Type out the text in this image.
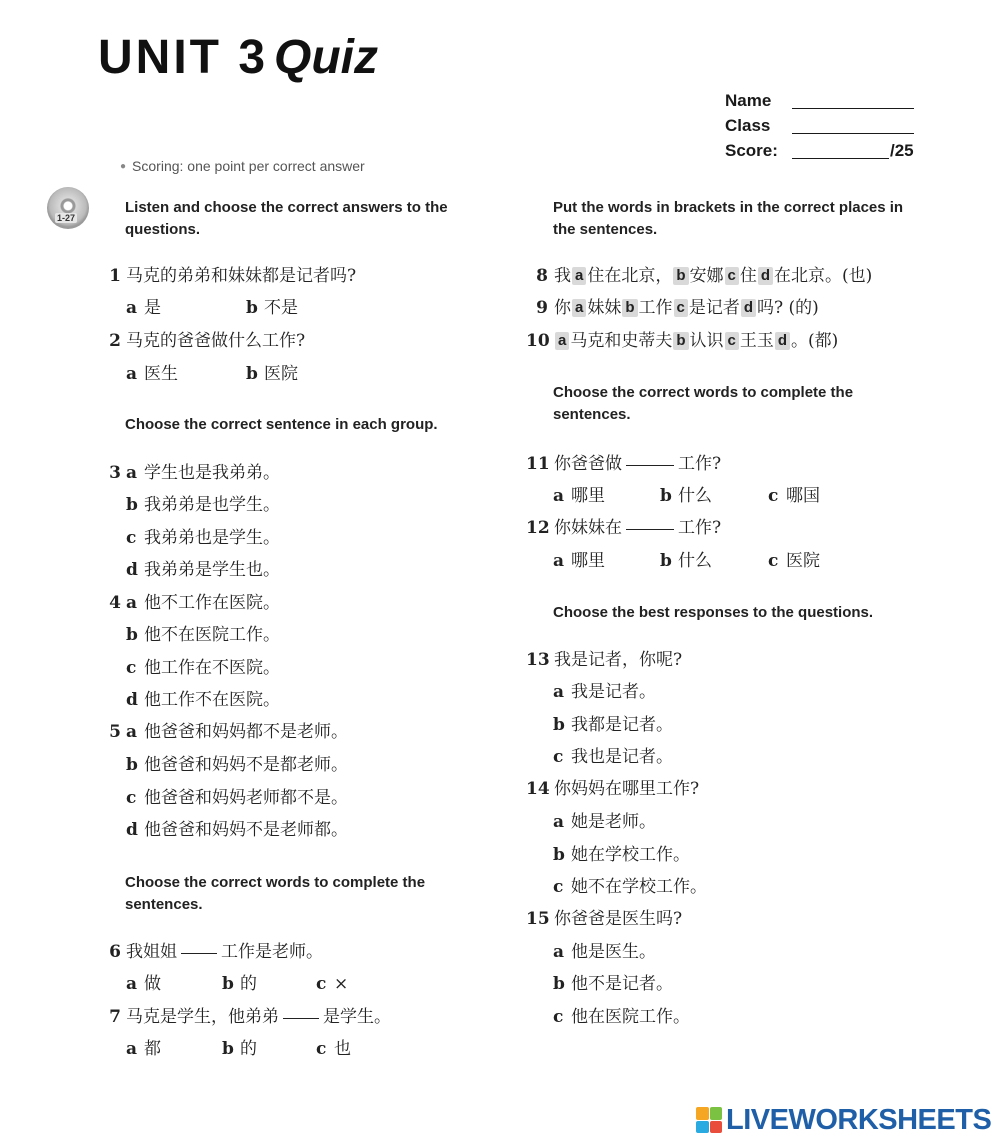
UNIT 3 Quiz
Name
Class
Score:	/25
● Scoring: one point per correct answer
1-27
Listen and choose the correct answers to the questions.
1 马克的弟弟和妹妹都是记者吗?
a 是	b 不是
2 马克的爸爸做什么工作?
a 医生	b 医院
Choose the correct sentence in each group.
3 a 学生也是我弟弟。
b 我弟弟是也学生。
c 我弟弟也是学生。
d 我弟弟是学生也。
4 a 他不工作在医院。
b 他不在医院工作。
c 他工作在不医院。
d 他工作不在医院。
5 a 他爸爸和妈妈都不是老师。
b 他爸爸和妈妈不是都老师。
c 他爸爸和妈妈老师都不是。
d 他爸爸和妈妈不是老师都。
Choose the correct words to complete the sentences.
6 我姐姐	工作是老师。
a 做	b 的	c ×
7 马克是学生，他弟弟	是学生。
a 都	b 的	c 也
Put the words in brackets in the correct places in the sentences.
8 我 a 住在北京， b 安娜 c 住 d 在北京。(也)
9 你 a 妹妹 b 工作 c 是记者 d 吗? (的)
10 a 马克和史蒂夫 b 认识 c 王玉 d 。(都)
Choose the correct words to complete the sentences.
11 你爸爸做	工作?
a 哪里	b 什么	c 哪国
12 你妹妹在	工作?
a 哪里	b 什么	c 医院
Choose the best responses to the questions.
13 我是记者，你呢?
a 我是记者。
b 我都是记者。
c 我也是记者。
14 你妈妈在哪里工作?
a 她是老师。
b 她在学校工作。
c 她不在学校工作。
15 你爸爸是医生吗?
a 他是医生。
b 他不是记者。
c 他在医院工作。
LIVEWORKSHEETS
